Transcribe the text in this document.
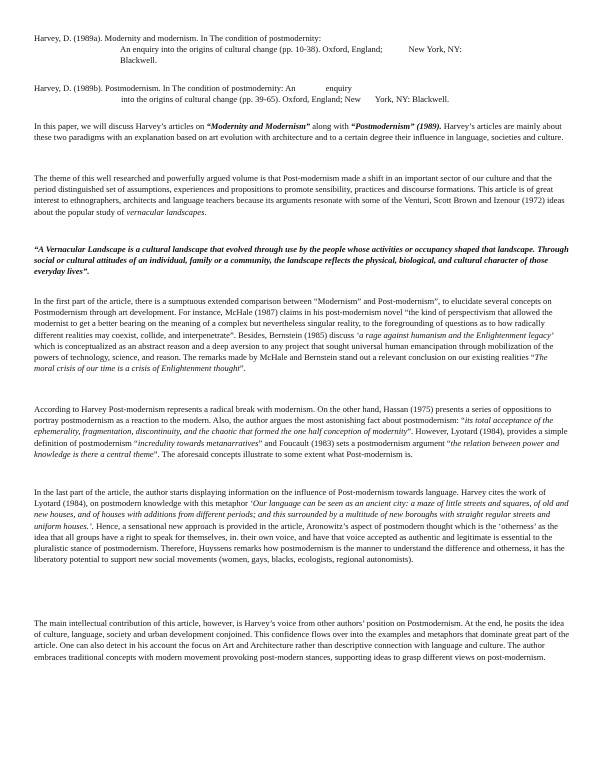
Harvey, D. (1989a). Modernity and modernism. In The condition of postmodernity:
An enquiry into the origins of cultural change (pp. 10-38). Oxford, England;	New York, NY:
Blackwell.
Harvey, D. (1989b). Postmodernism. In The condition of postmodernity: An	enquiry
into the origins of cultural change (pp. 39-65). Oxford, England; New York, NY: Blackwell.

In this paper, we will discuss Harvey’s articles on “Modernity and Modernism” along with “Postmodernism” (1989). Harvey’s articles are mainly about these two paradigms with an explanation based on art evolution with architecture and to a certain degree their influence in language, societies and culture.

The theme of this well researched and powerfully argued volume is that Post-modernism made a shift in an important sector of our culture and that the period distinguished set of assumptions, experiences and propositions to promote sensibility, practices and discourse formations. This article is of great interest to ethnographers, architects and language teachers because its arguments resonate with some of the Venturi, Scott Brown and Izenour (1972) ideas about the popular study of vernacular landscapes.

“A Vernacular Landscape is a cultural landscape that evolved through use by the people whose activities or occupancy shaped that landscape. Through social or cultural attitudes of an individual, family or a community, the landscape reflects the physical, biological, and cultural character of those everyday lives”.

In the first part of the article, there is a sumptuous extended comparison between “Modernism” and Post-modernism”, to elucidate several concepts on Postmodernism through art development. For instance, McHale (1987) claims in his post-modernism novel “the kind of perspectivism that allowed the modernist to get a better bearing on the meaning of a complex but nevertheless singular reality, to the foregrounding of questions as to how radically different realities may coexist, collide, and interpenetrate”. Besides, Bernstein (1985) discuss ‘a rage against humanism and the Enlightenment legacy’ which is conceptualized as an abstract reason and a deep aversion to any project that sought universal human emancipation through mobilization of the powers of technology, science, and reason. The remarks made by McHale and Bernstein stand out a relevant conclusion on our existing realities “The moral crisis of our time is a crisis of Enlightenment thought”.

According to Harvey Post-modernism represents a radical break with modernism. On the other hand, Hassan (1975) presents a series of oppositions to portray postmodernism as a reaction to the modern. Also, the author argues the most astonishing fact about postmodernism: “its total acceptance of the ephemerality, fragmentation, discontinuity, and the chaotic that formed the one half conception of modernity”. However, Lyotard (1984), provides a simple definition of postmodernism “incredulity towards metanarratives” and Foucault (1983) sets a postmodernism argument “the relation between power and knowledge is there a central theme”. The aforesaid concepts illustrate to some extent what Post-modernism is.

In the last part of the article, the author starts displaying information on the influence of Post-modernism towards language. Harvey cites the work of Lyotard (1984), on postmodern knowledge with this metaphor ‘Our language can be seen as an ancient city: a maze of little streets and squares, of old and new houses, and of houses with additions from different periods; and this surrounded by a multitude of new boroughs with straight regular streets and uniform houses.’. Hence, a sensational new approach is provided in the article, Aronowitz’s aspect of postmodern thought which is the ‘otherness’ as the idea that all groups have a right to speak for themselves, in. their own voice, and have that voice accepted as authentic and legitimate is essential to the pluralistic stance of postmodernism. Therefore, Huyssens remarks how postmodernism is the manner to understand the difference and otherness, it has the liberatory potential to support new social movements (women, gays, blacks, ecologists, regional autonomists).

The main intellectual contribution of this article, however, is Harvey’s voice from other authors’ position on Postmodernism. At the end, he posits the idea of culture, language, society and urban development conjoined. This confidence flows over into the examples and metaphors that dominate great part of the article. One can also detect in his account the focus on Art and Architecture rather than descriptive connection with language and culture. The author embraces traditional concepts with modern movement provoking post-modern stances, supporting ideas to grasp different views on post-modernism.
